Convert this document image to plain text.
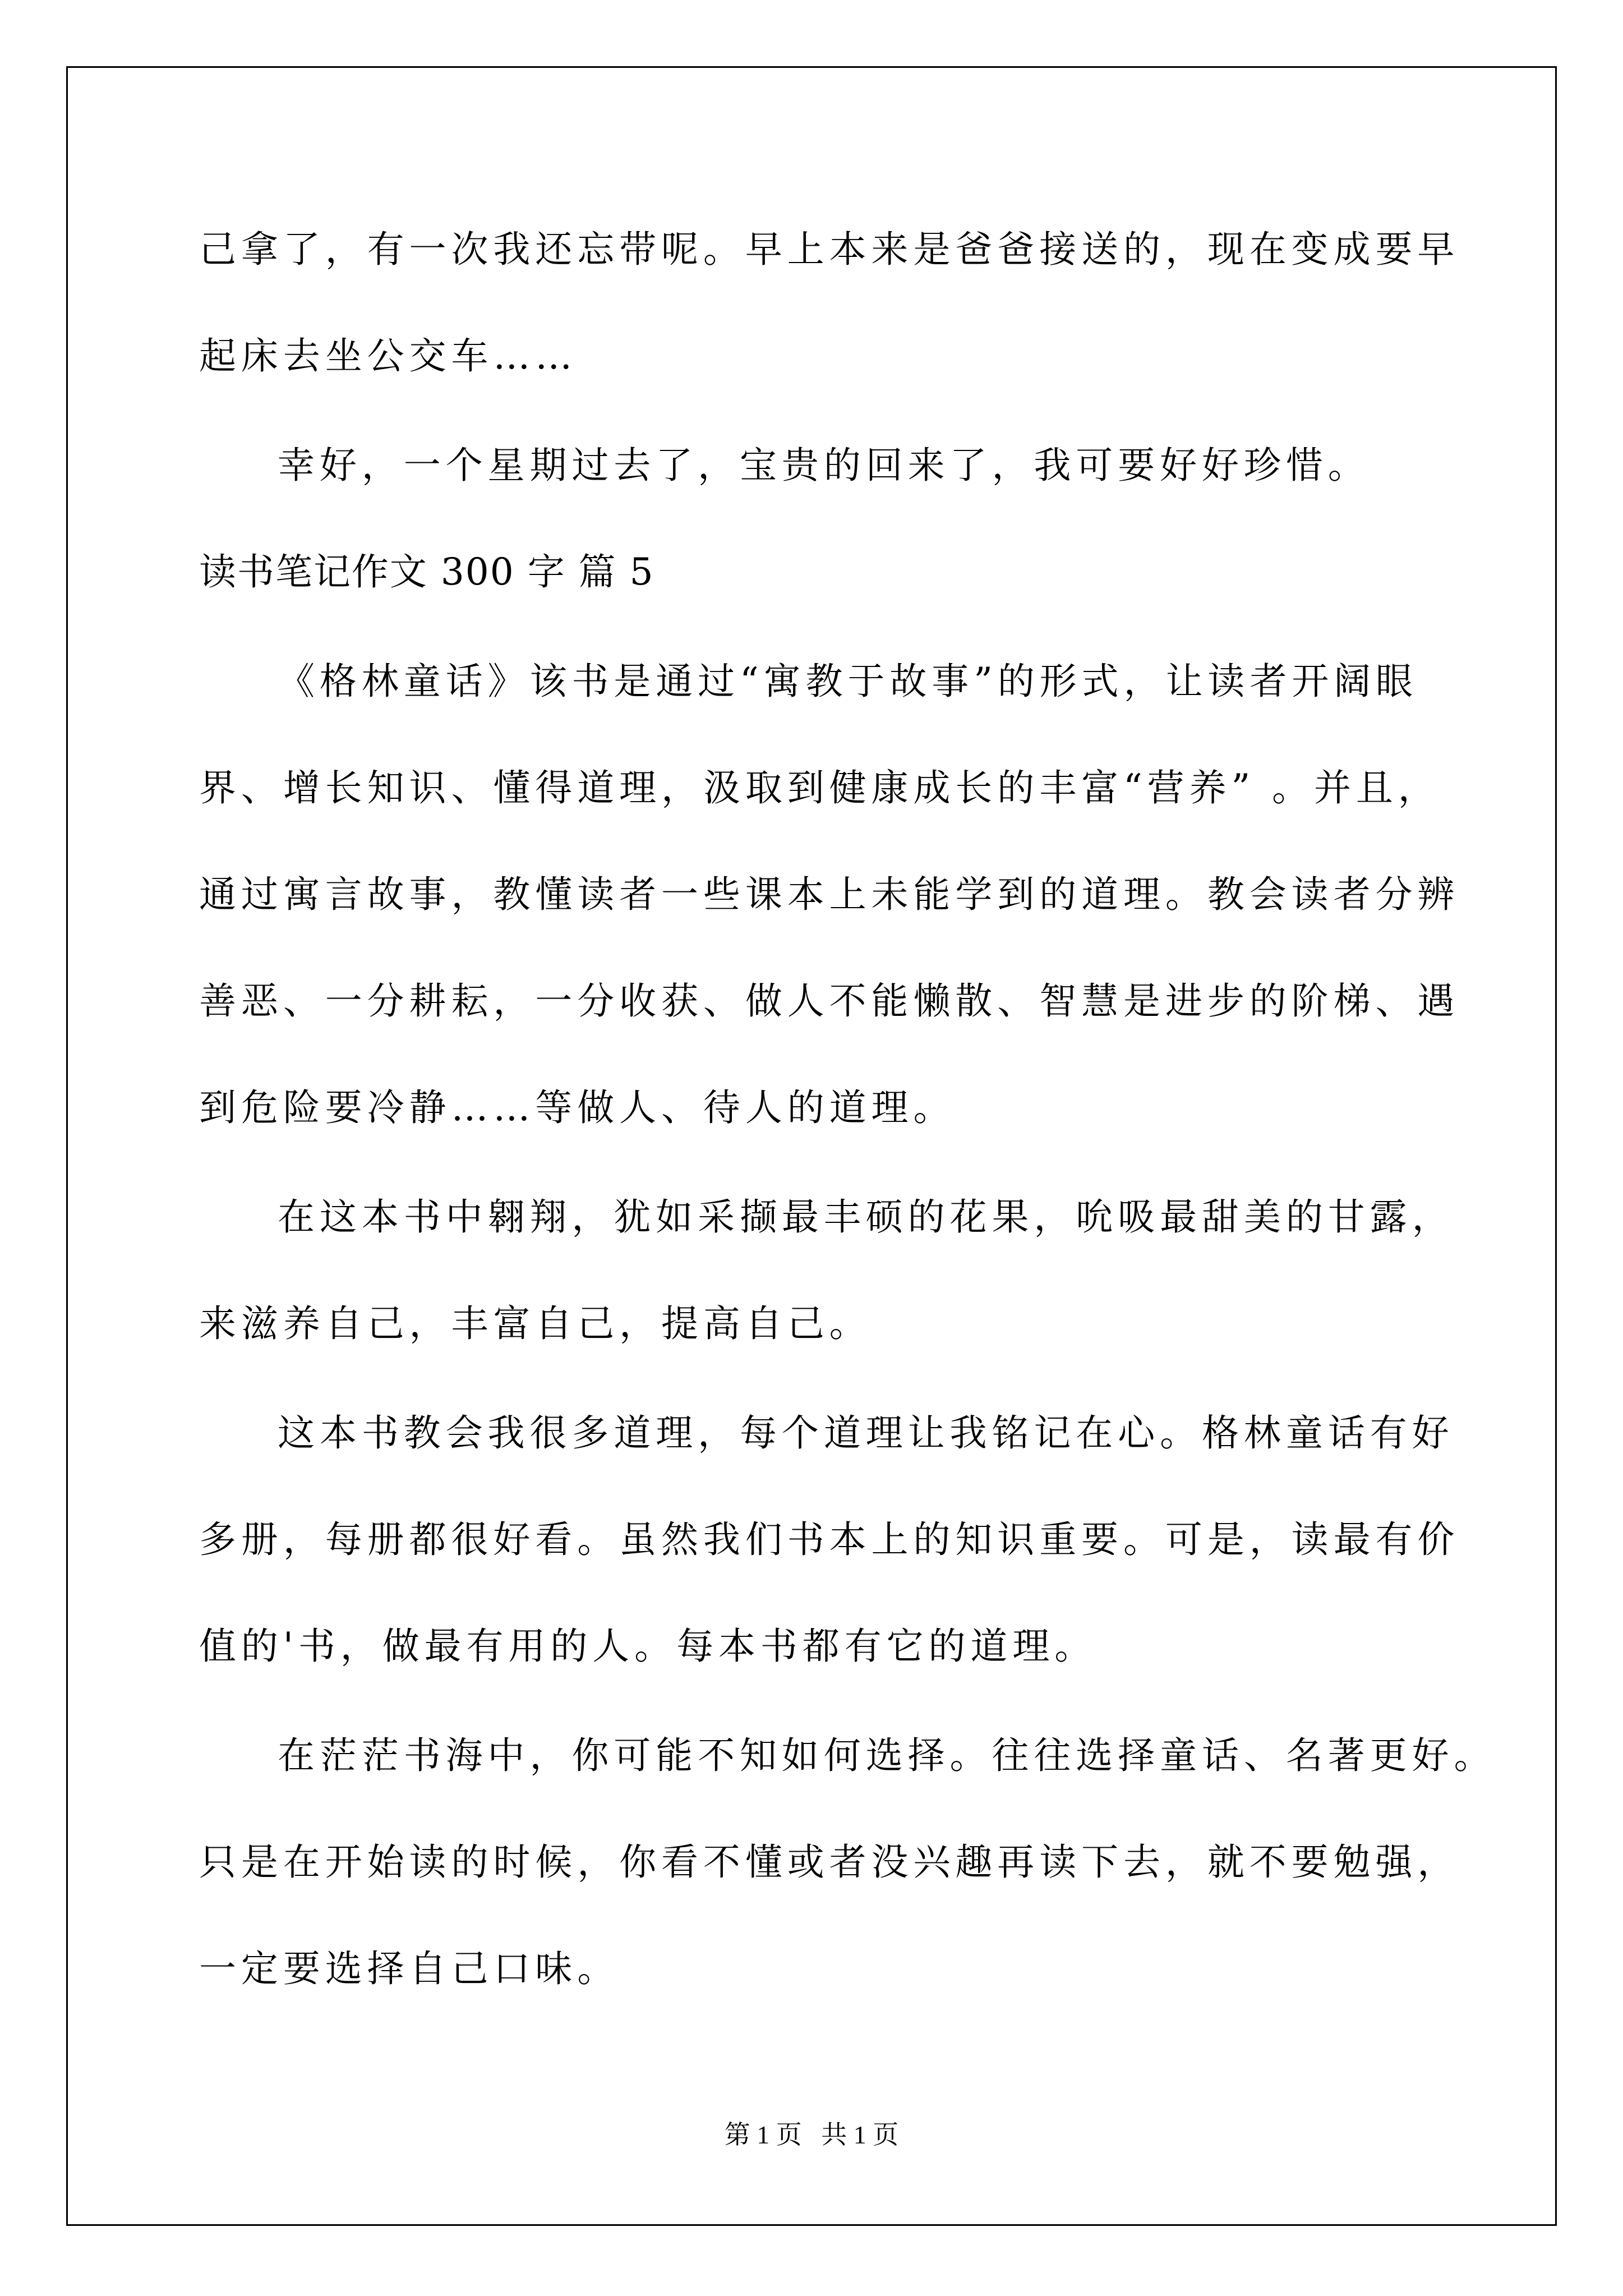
己拿了，有一次我还忘带呢。早上本来是爸爸接送的，现在变成要早

起床去坐公交车……

幸好，一个星期过去了，宝贵的回来了，我可要好好珍惜。

读书笔记作文 300 字 篇 5

《格林童话》该书是通过“寓教于故事”的形式，让读者开阔眼

界、增长知识、懂得道理，汲取到健康成长的丰富“营养” 。并且，

通过寓言故事，教懂读者一些课本上未能学到的道理。教会读者分辨

善恶、一分耕耘，一分收获、做人不能懒散、智慧是进步的阶梯、遇

到危险要冷静……等做人、待人的道理。

在这本书中翱翔，犹如采撷最丰硕的花果，吮吸最甜美的甘露，

来滋养自己，丰富自己，提高自己。

这本书教会我很多道理，每个道理让我铭记在心。格林童话有好

多册，每册都很好看。虽然我们书本上的知识重要。可是，读最有价

值的'书，做最有用的人。每本书都有它的道理。

在茫茫书海中，你可能不知如何选择。往往选择童话、名著更好。

只是在开始读的时候，你看不懂或者没兴趣再读下去，就不要勉强，

一定要选择自己口味。

第 1 页   共 1 页
